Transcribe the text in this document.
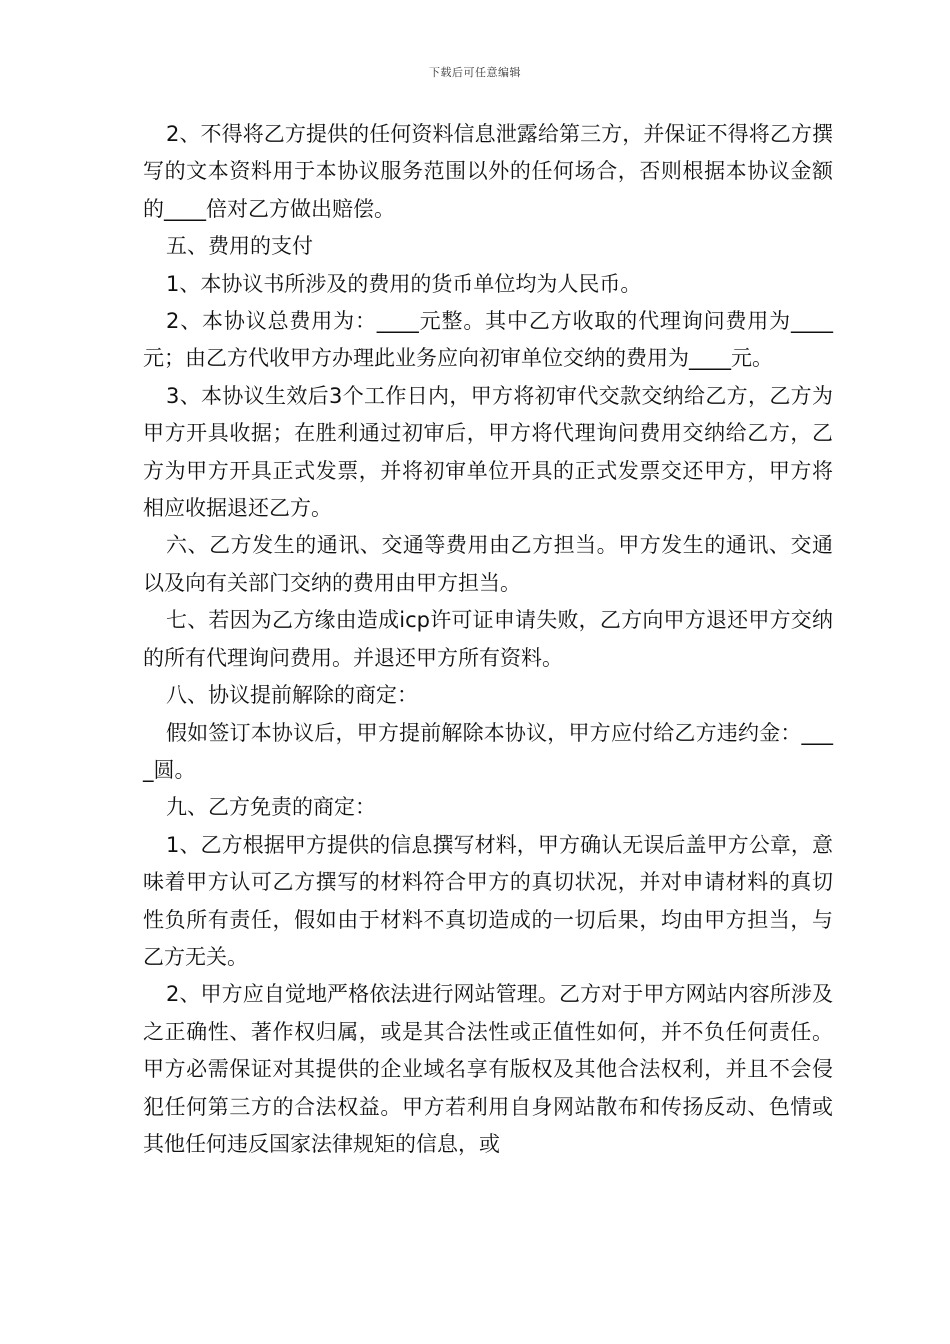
下载后可任意编辑

2、不得将乙方提供的任何资料信息泄露给第三方，并保证不得将乙方撰写的文本资料用于本协议服务范围以外的任何场合，否则根据本协议金额的____倍对乙方做出赔偿。

五、费用的支付

1、本协议书所涉及的费用的货币单位均为人民币。

2、本协议总费用为：____元整。其中乙方收取的代理询问费用为____元；由乙方代收甲方办理此业务应向初审单位交纳的费用为____元。

3、本协议生效后3个工作日内，甲方将初审代交款交纳给乙方，乙方为甲方开具收据；在胜利通过初审后，甲方将代理询问费用交纳给乙方，乙方为甲方开具正式发票，并将初审单位开具的正式发票交还甲方，甲方将相应收据退还乙方。

六、乙方发生的通讯、交通等费用由乙方担当。甲方发生的通讯、交通以及向有关部门交纳的费用由甲方担当。

七、若因为乙方缘由造成icp许可证申请失败，乙方向甲方退还甲方交纳的所有代理询问费用。并退还甲方所有资料。

八、协议提前解除的商定：

假如签订本协议后，甲方提前解除本协议，甲方应付给乙方违约金：____圆。

九、乙方免责的商定：

1、乙方根据甲方提供的信息撰写材料，甲方确认无误后盖甲方公章，意味着甲方认可乙方撰写的材料符合甲方的真切状况，并对申请材料的真切性负所有责任，假如由于材料不真切造成的一切后果，均由甲方担当，与乙方无关。

2、甲方应自觉地严格依法进行网站管理。乙方对于甲方网站内容所涉及之正确性、著作权归属，或是其合法性或正值性如何，并不负任何责任。甲方必需保证对其提供的企业域名享有版权及其他合法权利，并且不会侵犯任何第三方的合法权益。甲方若利用自身网站散布和传扬反动、色情或其他任何违反国家法律规矩的信息，或
